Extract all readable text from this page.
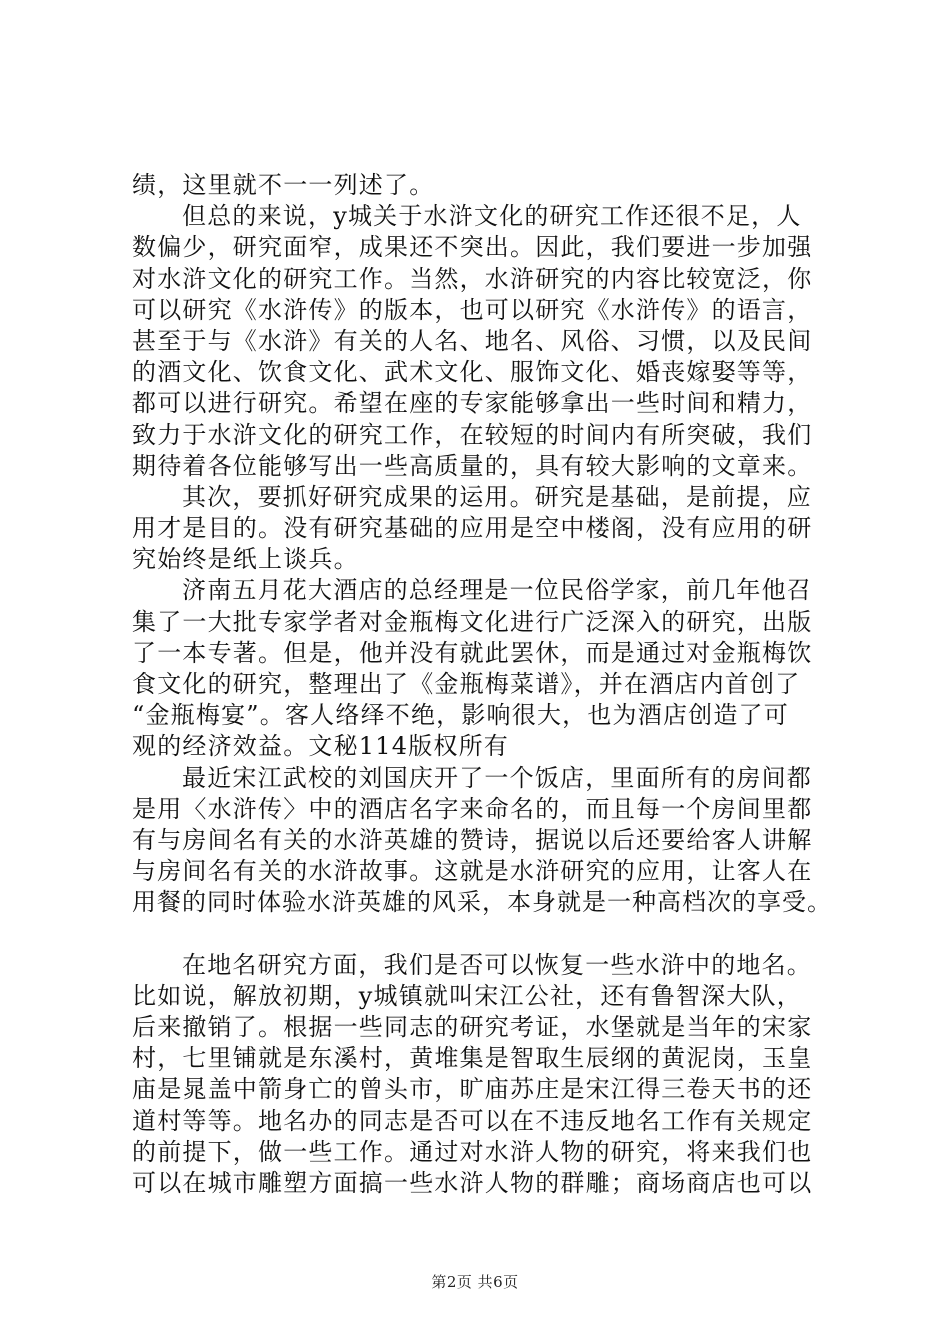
绩，这里就不一一列述了。
但总的来说，y城关于水浒文化的研究工作还很不足，人
数偏少，研究面窄，成果还不突出。因此，我们要进一步加强
对水浒文化的研究工作。当然，水浒研究的内容比较宽泛，你
可以研究《水浒传》的版本，也可以研究《水浒传》的语言，
甚至于与《水浒》有关的人名、地名、风俗、习惯，以及民间
的酒文化、饮食文化、武术文化、服饰文化、婚丧嫁娶等等，
都可以进行研究。希望在座的专家能够拿出一些时间和精力，
致力于水浒文化的研究工作，在较短的时间内有所突破，我们
期待着各位能够写出一些高质量的，具有较大影响的文章来。
其次，要抓好研究成果的运用。研究是基础，是前提，应
用才是目的。没有研究基础的应用是空中楼阁，没有应用的研
究始终是纸上谈兵。
济南五月花大酒店的总经理是一位民俗学家，前几年他召
集了一大批专家学者对金瓶梅文化进行广泛深入的研究，出版
了一本专著。但是，他并没有就此罢休，而是通过对金瓶梅饮
食文化的研究，整理出了《金瓶梅菜谱》，并在酒店内首创了
“金瓶梅宴”。客人络绎不绝，影响很大，也为酒店创造了可
观的经济效益。文秘114版权所有
最近宋江武校的刘国庆开了一个饭店，里面所有的房间都
是用〈水浒传〉中的酒店名字来命名的，而且每一个房间里都
有与房间名有关的水浒英雄的赞诗，据说以后还要给客人讲解
与房间名有关的水浒故事。这就是水浒研究的应用，让客人在
用餐的同时体验水浒英雄的风采，本身就是一种高档次的享受。
在地名研究方面，我们是否可以恢复一些水浒中的地名。
比如说，解放初期，y城镇就叫宋江公社，还有鲁智深大队，
后来撤销了。根据一些同志的研究考证，水堡就是当年的宋家
村，七里铺就是东溪村，黄堆集是智取生辰纲的黄泥岗，玉皇
庙是晁盖中箭身亡的曾头市，旷庙苏庄是宋江得三卷天书的还
道村等等。地名办的同志是否可以在不违反地名工作有关规定
的前提下，做一些工作。通过对水浒人物的研究，将来我们也
可以在城市雕塑方面搞一些水浒人物的群雕；商场商店也可以
第2页 共6页
